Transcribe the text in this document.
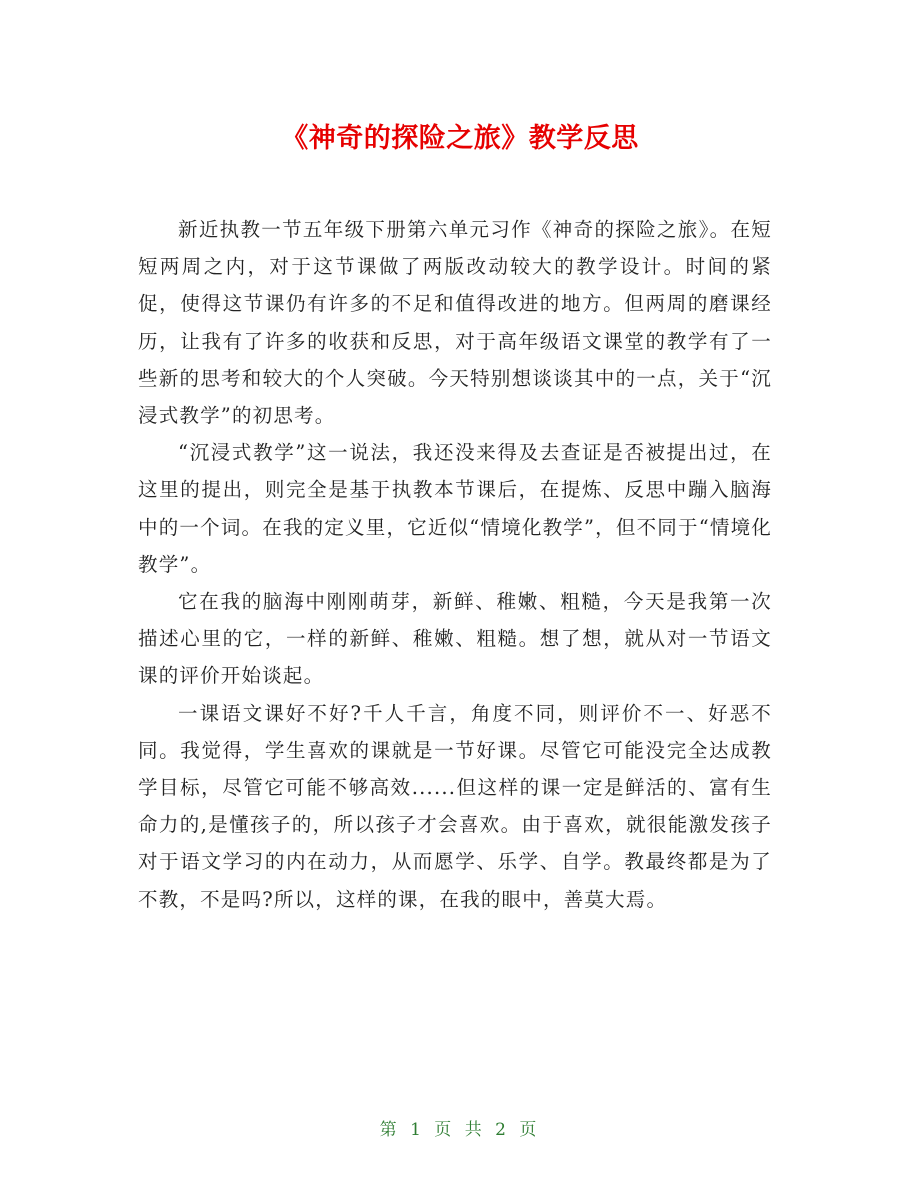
《神奇的探险之旅》教学反思

新近执教一节五年级下册第六单元习作《神奇的探险之旅》。在短短两周之内，对于这节课做了两版改动较大的教学设计。时间的紧促，使得这节课仍有许多的不足和值得改进的地方。但两周的磨课经历，让我有了许多的收获和反思，对于高年级语文课堂的教学有了一些新的思考和较大的个人突破。今天特别想谈谈其中的一点，关于“沉浸式教学”的初思考。

“沉浸式教学”这一说法，我还没来得及去查证是否被提出过，在这里的提出，则完全是基于执教本节课后，在提炼、反思中蹦入脑海中的一个词。在我的定义里，它近似“情境化教学”，但不同于“情境化教学”。

它在我的脑海中刚刚萌芽，新鲜、稚嫩、粗糙，今天是我第一次描述心里的它，一样的新鲜、稚嫩、粗糙。想了想，就从对一节语文课的评价开始谈起。

一课语文课好不好?千人千言，角度不同，则评价不一、好恶不同。我觉得，学生喜欢的课就是一节好课。尽管它可能没完全达成教学目标，尽管它可能不够高效......但这样的课一定是鲜活的、富有生命力的,是懂孩子的，所以孩子才会喜欢。由于喜欢，就很能激发孩子对于语文学习的内在动力，从而愿学、乐学、自学。教最终都是为了不教，不是吗?所以，这样的课，在我的眼中，善莫大焉。

第 1 页 共 2 页
